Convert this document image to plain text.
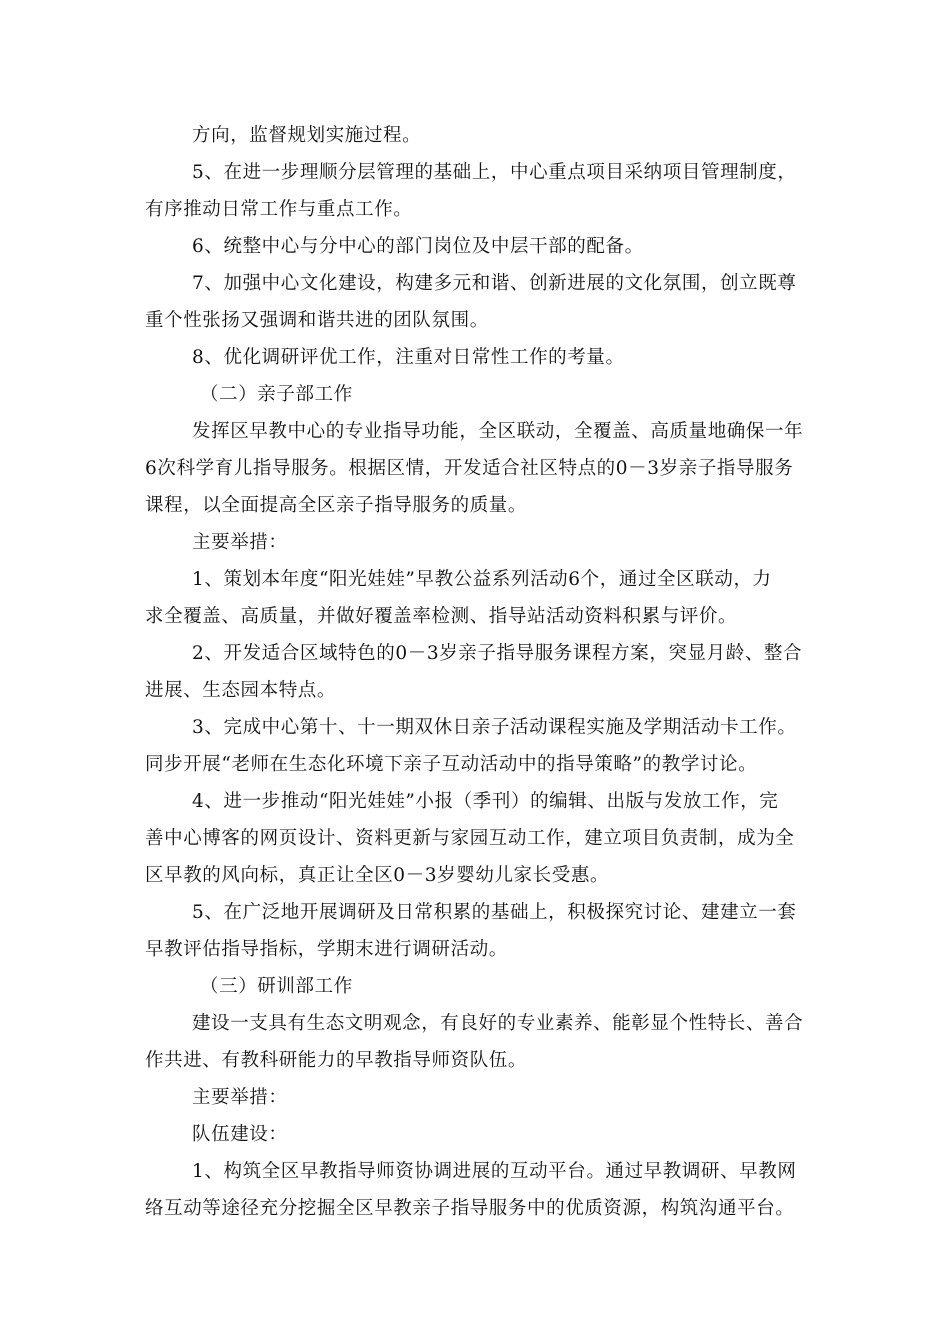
方向，监督规划实施过程。
5、在进一步理顺分层管理的基础上，中心重点项目采纳项目管理制度，
有序推动日常工作与重点工作。
6、统整中心与分中心的部门岗位及中层干部的配备。
7、加强中心文化建设，构建多元和谐、创新进展的文化氛围，创立既尊
重个性张扬又强调和谐共进的团队氛围。
8、优化调研评优工作，注重对日常性工作的考量。
（二）亲子部工作
发挥区早教中心的专业指导功能，全区联动，全覆盖、高质量地确保一年
6次科学育儿指导服务。根据区情，开发适合社区特点的0－3岁亲子指导服务
课程，以全面提高全区亲子指导服务的质量。
主要举措：
1、策划本年度“阳光娃娃”早教公益系列活动6个，通过全区联动，力
求全覆盖、高质量，并做好覆盖率检测、指导站活动资料积累与评价。
2、开发适合区域特色的0－3岁亲子指导服务课程方案，突显月龄、整合
进展、生态园本特点。
3、完成中心第十、十一期双休日亲子活动课程实施及学期活动卡工作。
同步开展“老师在生态化环境下亲子互动活动中的指导策略”的教学讨论。
4、进一步推动“阳光娃娃”小报（季刊）的编辑、出版与发放工作，完
善中心博客的网页设计、资料更新与家园互动工作，建立项目负责制，成为全
区早教的风向标，真正让全区0－3岁婴幼儿家长受惠。
5、在广泛地开展调研及日常积累的基础上，积极探究讨论、建建立一套
早教评估指导指标，学期末进行调研活动。
（三）研训部工作
建设一支具有生态文明观念，有良好的专业素养、能彰显个性特长、善合
作共进、有教科研能力的早教指导师资队伍。
主要举措：
队伍建设：
1、构筑全区早教指导师资协调进展的互动平台。通过早教调研、早教网
络互动等途径充分挖掘全区早教亲子指导服务中的优质资源，构筑沟通平台。
